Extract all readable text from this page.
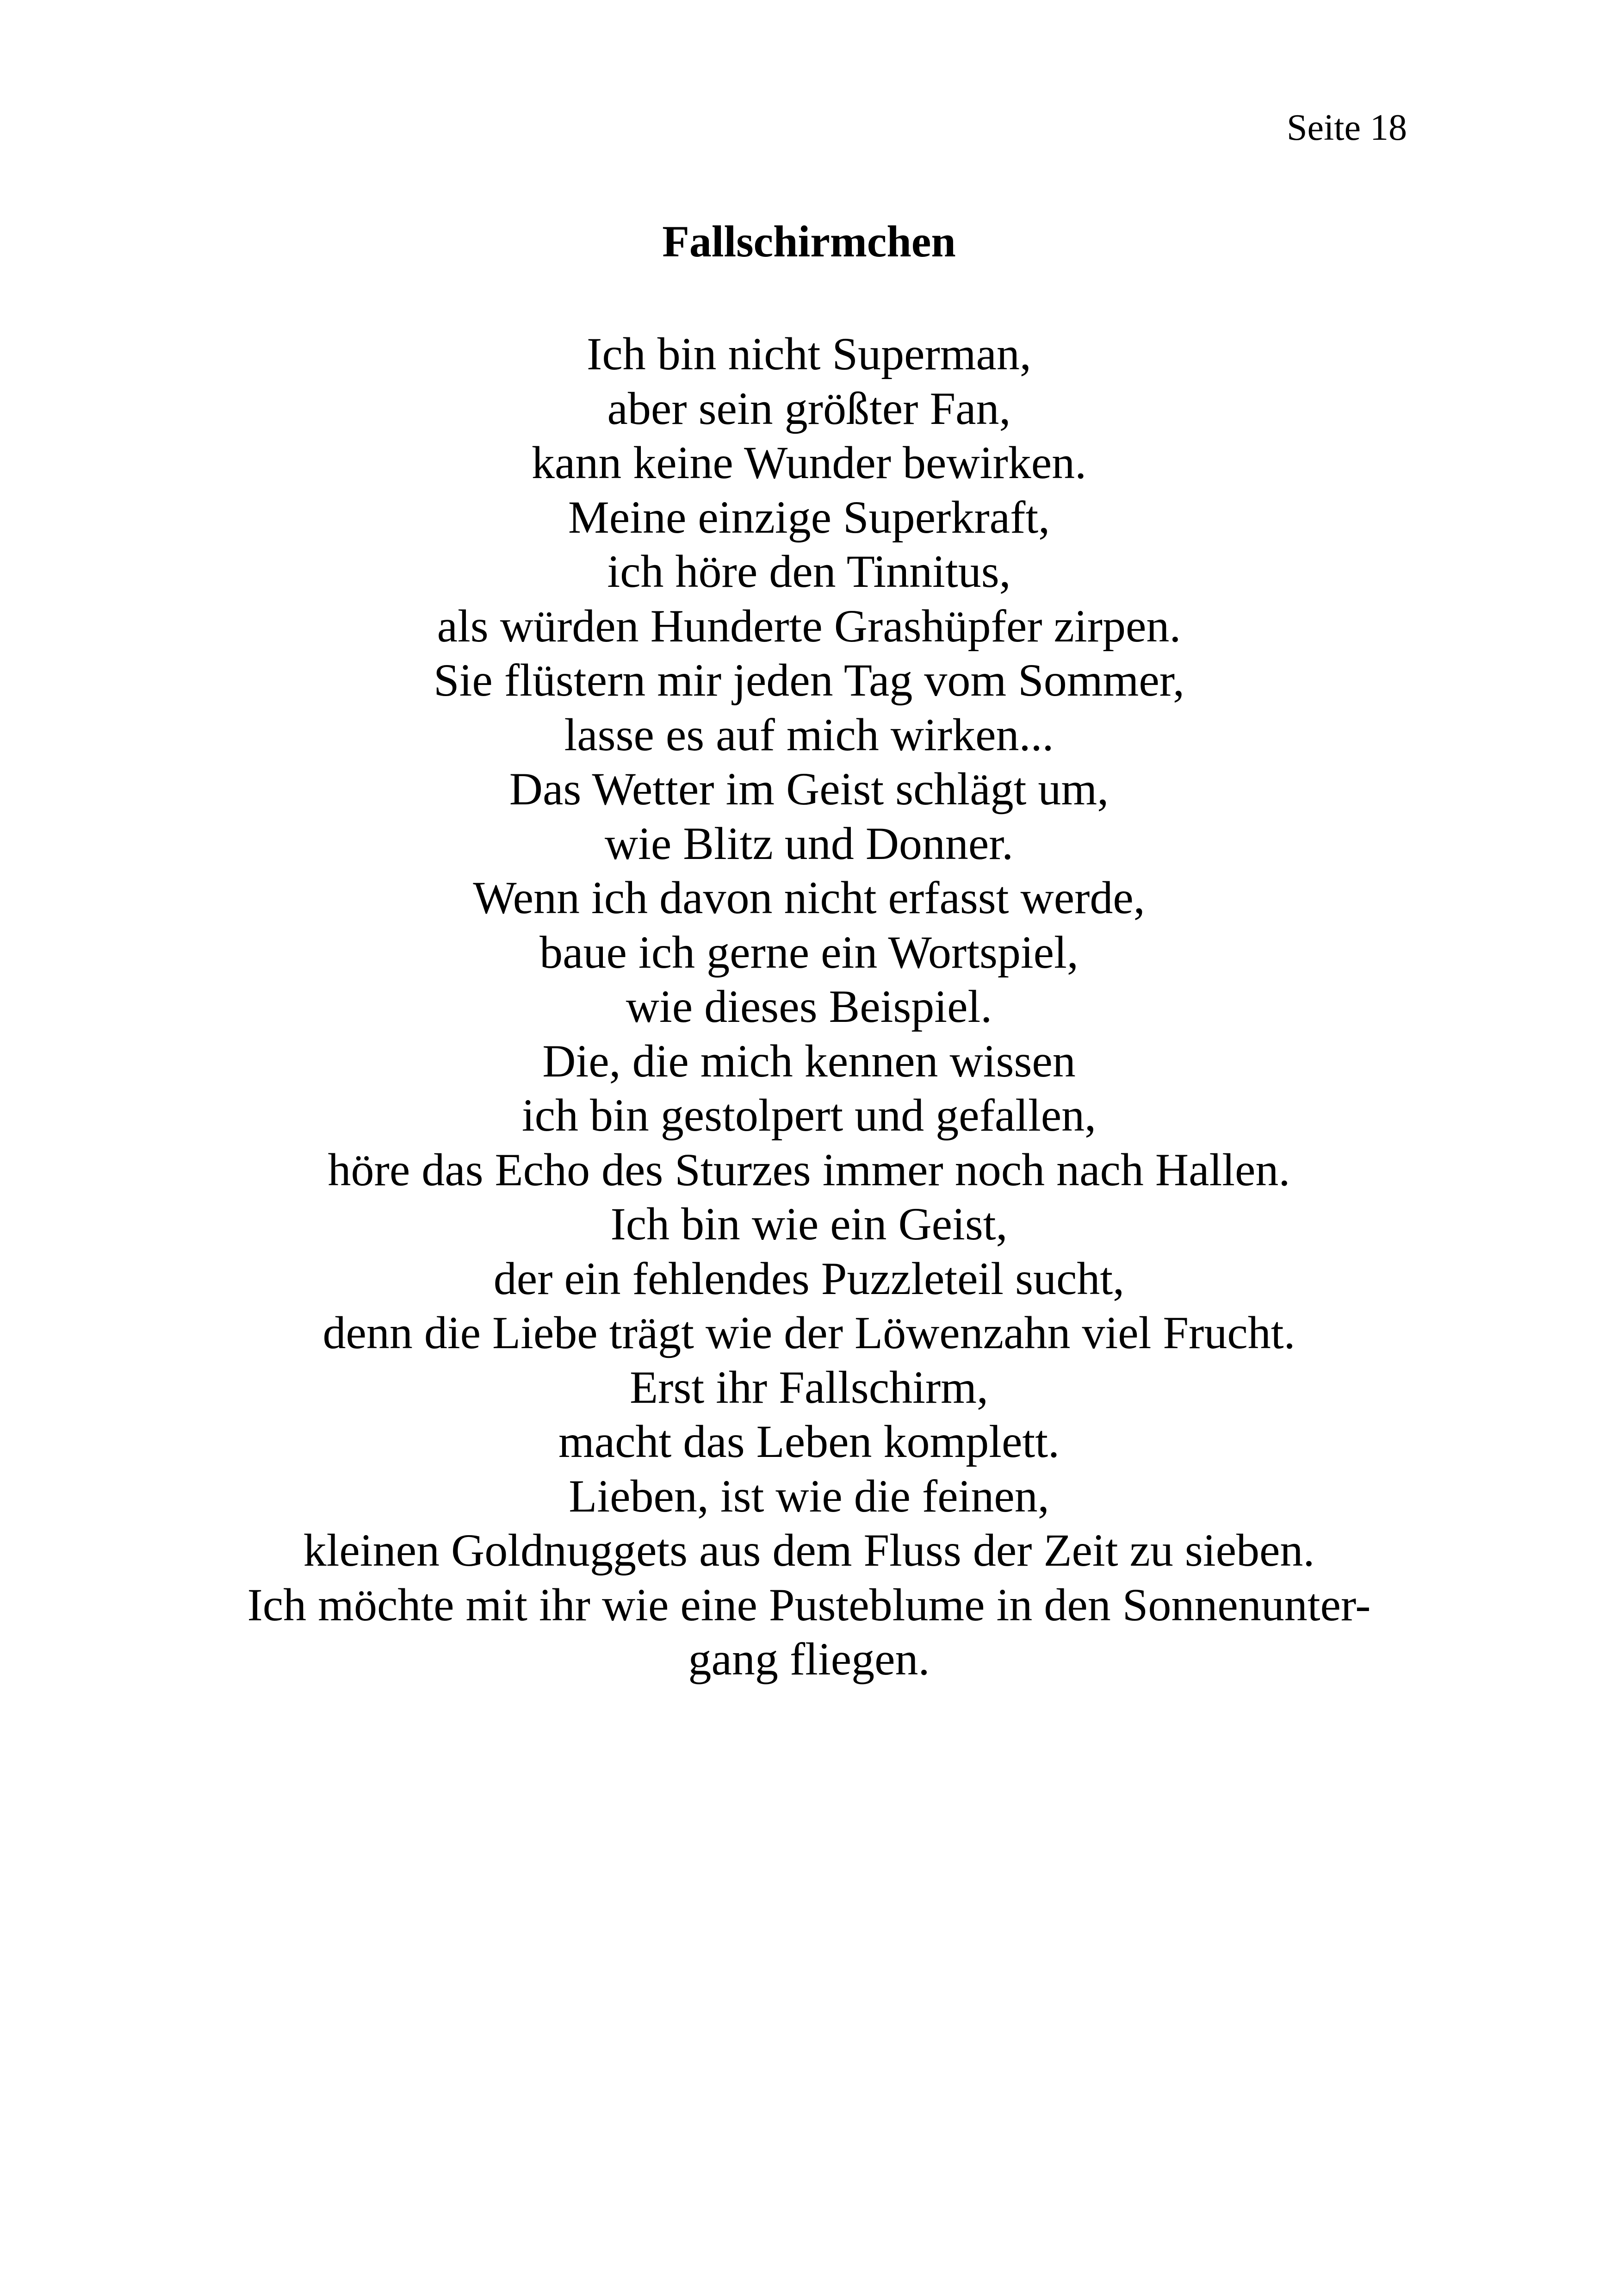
Seite 18
Fallschirmchen
Ich bin nicht Superman,
aber sein größter Fan,
kann keine Wunder bewirken.
Meine einzige Superkraft,
ich höre den Tinnitus,
als würden Hunderte Grashüpfer zirpen.
Sie flüstern mir jeden Tag vom Sommer,
lasse es auf mich wirken...
Das Wetter im Geist schlägt um,
wie Blitz und Donner.
Wenn ich davon nicht erfasst werde,
baue ich gerne ein Wortspiel,
wie dieses Beispiel.
Die, die mich kennen wissen
ich bin gestolpert und gefallen,
höre das Echo des Sturzes immer noch nach Hallen.
Ich bin wie ein Geist,
der ein fehlendes Puzzleteil sucht,
denn die Liebe trägt wie der Löwenzahn viel Frucht.
Erst ihr Fallschirm,
macht das Leben komplett.
Lieben, ist wie die feinen,
kleinen Goldnuggets aus dem Fluss der Zeit zu sieben.
Ich möchte mit ihr wie eine Pusteblume in den Sonnenunter-
gang fliegen.
